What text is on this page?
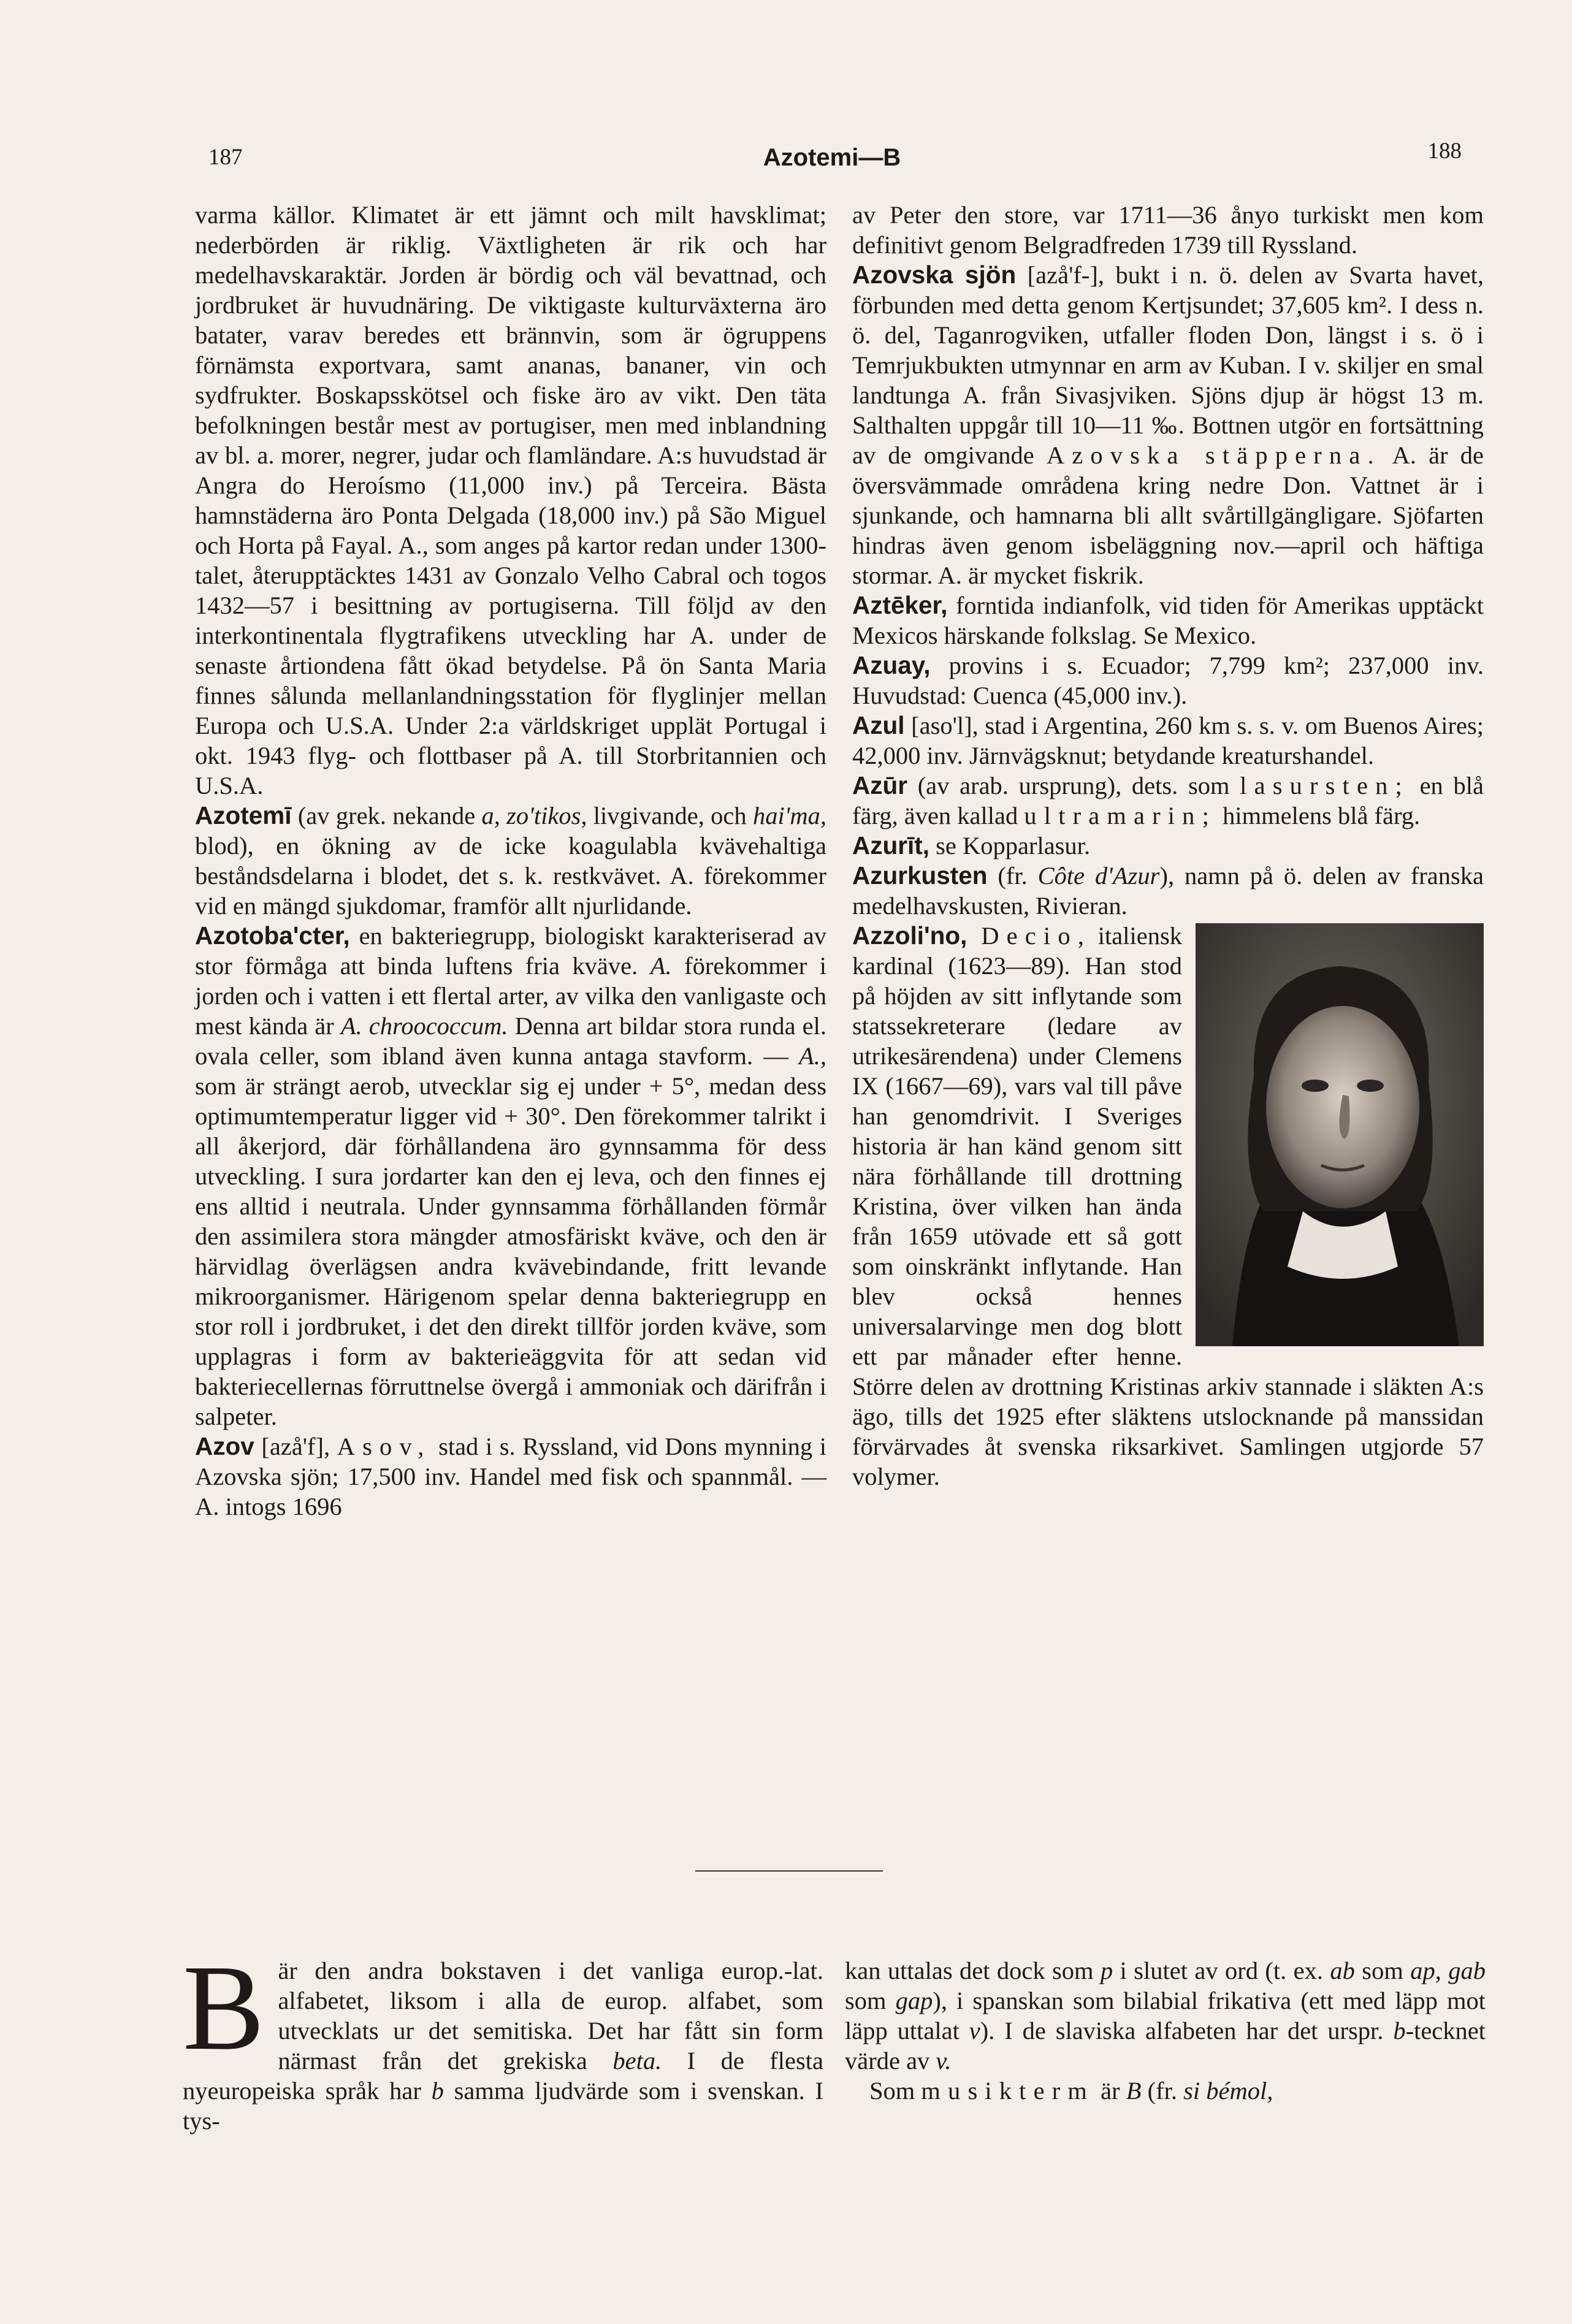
187	Azotemi—B	188

varma källor. Klimatet är ett jämnt och milt havsklimat; nederbörden är riklig. Växtligheten är rik och har medelhavskaraktär. Jorden är bördig och väl bevattnad, och jordbruket är huvudnäring. De viktigaste kulturväxterna äro batater, varav beredes ett brännvin, som är ögruppens förnämsta exportvara, samt ananas, bananer, vin och sydfrukter. Boskapsskötsel och fiske äro av vikt. Den täta befolkningen består mest av portugiser, men med inblandning av bl. a. morer, negrer, judar och flamländare. A:s huvudstad är Angra do Heroísmo (11,000 inv.) på Terceira. Bästa hamnstäderna äro Ponta Delgada (18,000 inv.) på São Miguel och Horta på Fayal. A., som anges på kartor redan under 1300-talet, återupptäcktes 1431 av Gonzalo Velho Cabral och togos 1432—57 i besittning av portugiserna. Till följd av den interkontinentala flygtrafikens utveckling har A. under de senaste årtiondena fått ökad betydelse. På ön Santa Maria finnes sålunda mellanlandningsstation för flyglinjer mellan Europa och U.S.A. Under 2:a världskriget upplät Portugal i okt. 1943 flyg- och flottbaser på A. till Storbritannien och U.S.A.

Azotemī (av grek. nekande a, zo'tikos, livgivande, och hai'ma, blod), en ökning av de icke koagulabla kvävehaltiga beståndsdelarna i blodet, det s. k. restkvävet. A. förekommer vid en mängd sjukdomar, framför allt njurlidande.

Azotoba'cter, en bakteriegrupp, biologiskt karakteriserad av stor förmåga att binda luftens fria kväve. A. förekommer i jorden och i vatten i ett flertal arter, av vilka den vanligaste och mest kända är A. chroococcum. Denna art bildar stora runda el. ovala celler, som ibland även kunna antaga stavform. — A., som är strängt aerob, utvecklar sig ej under + 5°, medan dess optimumtemperatur ligger vid + 30°. Den förekommer talrikt i all åkerjord, där förhållandena äro gynnsamma för dess utveckling. I sura jordarter kan den ej leva, och den finnes ej ens alltid i neutrala. Under gynnsamma förhållanden förmår den assimilera stora mängder atmosfäriskt kväve, och den är härvidlag överlägsen andra kvävebindande, fritt levande mikroorganismer. Härigenom spelar denna bakteriegrupp en stor roll i jordbruket, i det den direkt tillför jorden kväve, som upplagras i form av bakterieäggvita för att sedan vid bakteriecellernas förruttnelse övergå i ammoniak och därifrån i salpeter.

Azov [azå'f], Asov, stad i s. Ryssland, vid Dons mynning i Azovska sjön; 17,500 inv. Handel med fisk och spannmål. — A. intogs 1696

av Peter den store, var 1711—36 ånyo turkiskt men kom definitivt genom Belgradfreden 1739 till Ryssland.

Azovska sjön [azå'f-], bukt i n. ö. delen av Svarta havet, förbunden med detta genom Kertjsundet; 37,605 km². I dess n. ö. del, Taganrogviken, utfaller floden Don, längst i s. ö i Temrjukbukten utmynnar en arm av Kuban. I v. skiljer en smal landtunga A. från Sivasjviken. Sjöns djup är högst 13 m. Salthalten uppgår till 10—11 ‰. Bottnen utgör en fortsättning av de omgivande Azovska stäpperna. A. är de översvämmade områdena kring nedre Don. Vattnet är i sjunkande, och hamnarna bli allt svårtillgängligare. Sjöfarten hindras även genom isbeläggning nov.—april och häftiga stormar. A. är mycket fiskrik.

Aztēker, forntida indianfolk, vid tiden för Amerikas upptäckt Mexicos härskande folkslag. Se Mexico.

Azuay, provins i s. Ecuador; 7,799 km²; 237,000 inv. Huvudstad: Cuenca (45,000 inv.).

Azul [aso'l], stad i Argentina, 260 km s. s. v. om Buenos Aires; 42,000 inv. Järnvägsknut; betydande kreaturshandel.

Azūr (av arab. ursprung), dets. som lasursten; en blå färg, även kallad ultramarin; himmelens blå färg.

Azurīt, se Kopparlasur.

Azurkusten (fr. Côte d'Azur), namn på ö. delen av franska medelhavskusten, Rivieran.

Azzoli'no, Decio,
italiensk kardinal (1623—89). Han stod på höjden av sitt inflytande som statssekreterare (ledare av utrikesärendena) under Clemens IX (1667—69), vars val till påve han genomdrivit. I Sveriges historia är han känd genom sitt nära förhållande till drottning Kristina, över vilken han ända från 1659 utövade ett så gott som oinskränkt inflytande. Han blev också hennes universalarvinge men dog blott ett par månader efter henne. Större delen av drottning Kristinas arkiv stannade i släkten A:s ägo, tills det 1925 efter släktens utslocknande på manssidan förvärvades åt svenska riksarkivet. Samlingen utgjorde 57 volymer.

B är den andra bokstaven i det vanliga europ.-lat. alfabetet, liksom i alla de europ. alfabet, som utvecklats ur det semitiska. Det har fått sin form närmast från det grekiska beta. I de flesta nyeuropeiska språk har b samma ljudvärde som i svenskan. I tys-

kan uttalas det dock som p i slutet av ord (t. ex. ab som ap, gab som gap), i spanskan som bilabial frikativa (ett med läpp mot läpp uttalat v). I de slaviska alfabeten har det urspr. b-tecknet värde av v.

Som musikterm är B (fr. si bémol,
